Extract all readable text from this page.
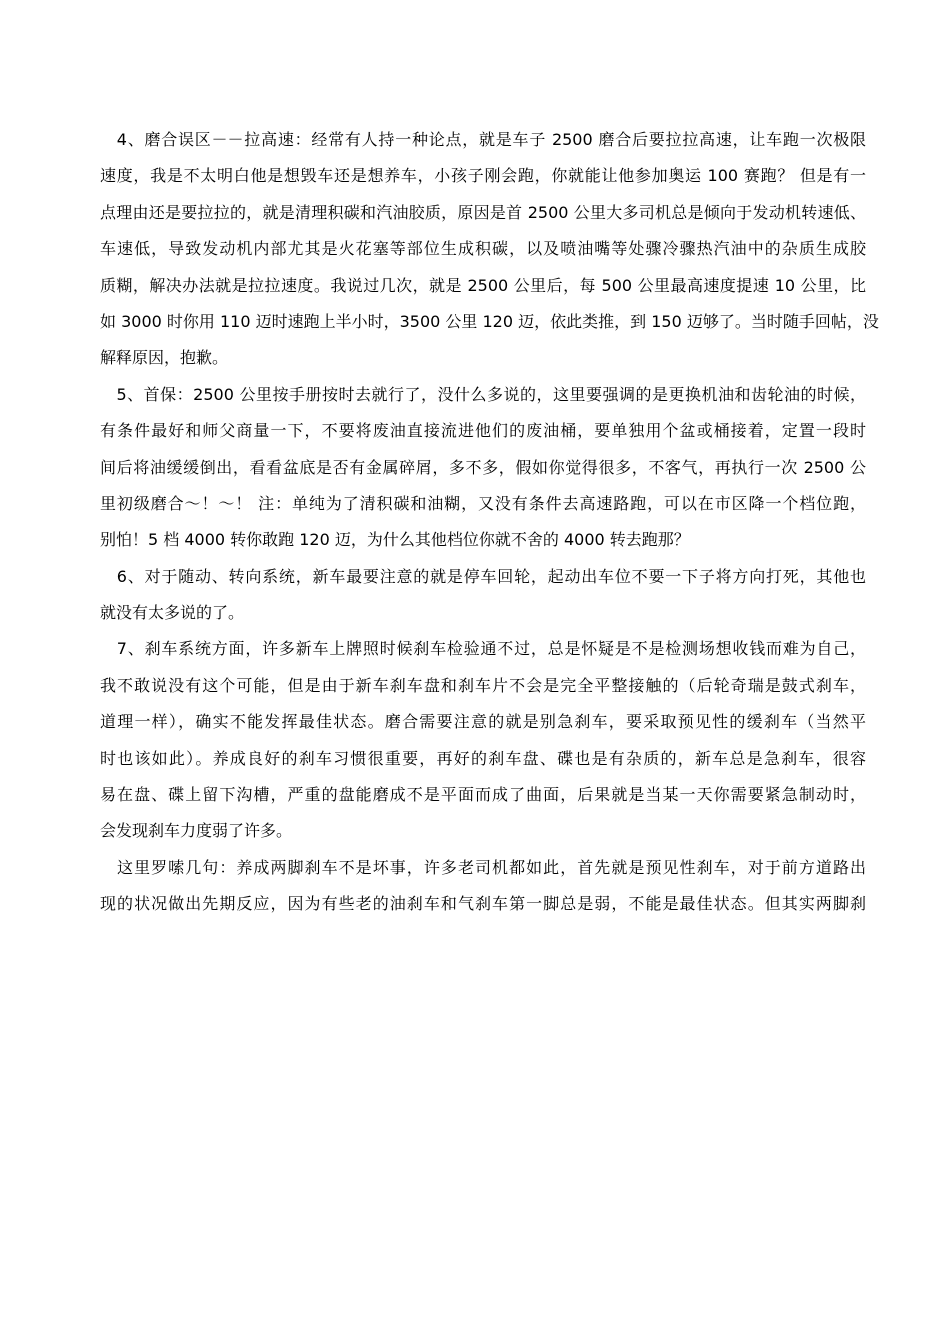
　4、磨合误区－－拉高速：经常有人持一种论点，就是车子 2500 磨合后要拉拉高速，让车跑一次极限
速度，我是不太明白他是想毁车还是想养车，小孩子刚会跑，你就能让他参加奥运 100 赛跑？ 但是有一
点理由还是要拉拉的，就是清理积碳和汽油胶质，原因是首 2500 公里大多司机总是倾向于发动机转速低、
车速低，导致发动机内部尤其是火花塞等部位生成积碳，以及喷油嘴等处骤冷骤热汽油中的杂质生成胶
质糊，解决办法就是拉拉速度。我说过几次，就是 2500 公里后，每 500 公里最高速度提速 10 公里，比
如 3000 时你用 110 迈时速跑上半小时，3500 公里 120 迈，依此类推，到 150 迈够了。当时随手回帖，没
解释原因，抱歉。
　5、首保：2500 公里按手册按时去就行了，没什么多说的，这里要强调的是更换机油和齿轮油的时候，
有条件最好和师父商量一下，不要将废油直接流进他们的废油桶，要单独用个盆或桶接着，定置一段时
间后将油缓缓倒出，看看盆底是否有金属碎屑，多不多，假如你觉得很多，不客气，再执行一次 2500 公
里初级磨合～！～！ 注：单纯为了清积碳和油糊，又没有条件去高速路跑，可以在市区降一个档位跑，
别怕！5 档 4000 转你敢跑 120 迈，为什么其他档位你就不舍的 4000 转去跑那？
　6、对于随动、转向系统，新车最要注意的就是停车回轮，起动出车位不要一下子将方向打死，其他也
就没有太多说的了。
　7、刹车系统方面，许多新车上牌照时候刹车检验通不过，总是怀疑是不是检测场想收钱而难为自己，
我不敢说没有这个可能，但是由于新车刹车盘和刹车片不会是完全平整接触的（后轮奇瑞是鼓式刹车，
道理一样），确实不能发挥最佳状态。磨合需要注意的就是别急刹车，要采取预见性的缓刹车（当然平
时也该如此）。养成良好的刹车习惯很重要，再好的刹车盘、碟也是有杂质的，新车总是急刹车，很容
易在盘、碟上留下沟槽，严重的盘能磨成不是平面而成了曲面，后果就是当某一天你需要紧急制动时，
会发现刹车力度弱了许多。
　这里罗嗦几句：养成两脚刹车不是坏事，许多老司机都如此，首先就是预见性刹车，对于前方道路出
现的状况做出先期反应，因为有些老的油刹车和气刹车第一脚总是弱，不能是最佳状态。但其实两脚刹
